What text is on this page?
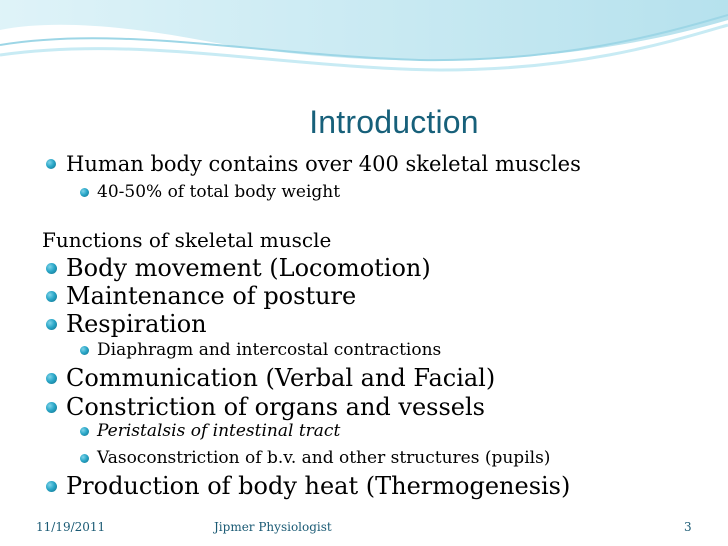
Introduction
Human body contains over 400 skeletal muscles
40-50% of total body weight
Functions of skeletal muscle
Body movement (Locomotion)
Maintenance of posture
Respiration
Diaphragm and intercostal contractions
Communication (Verbal and Facial)
Constriction of organs and vessels
Peristalsis of intestinal tract
Vasoconstriction of b.v. and other structures (pupils)
Production of body heat (Thermogenesis)
11/19/2011	Jipmer Physiologist	3
